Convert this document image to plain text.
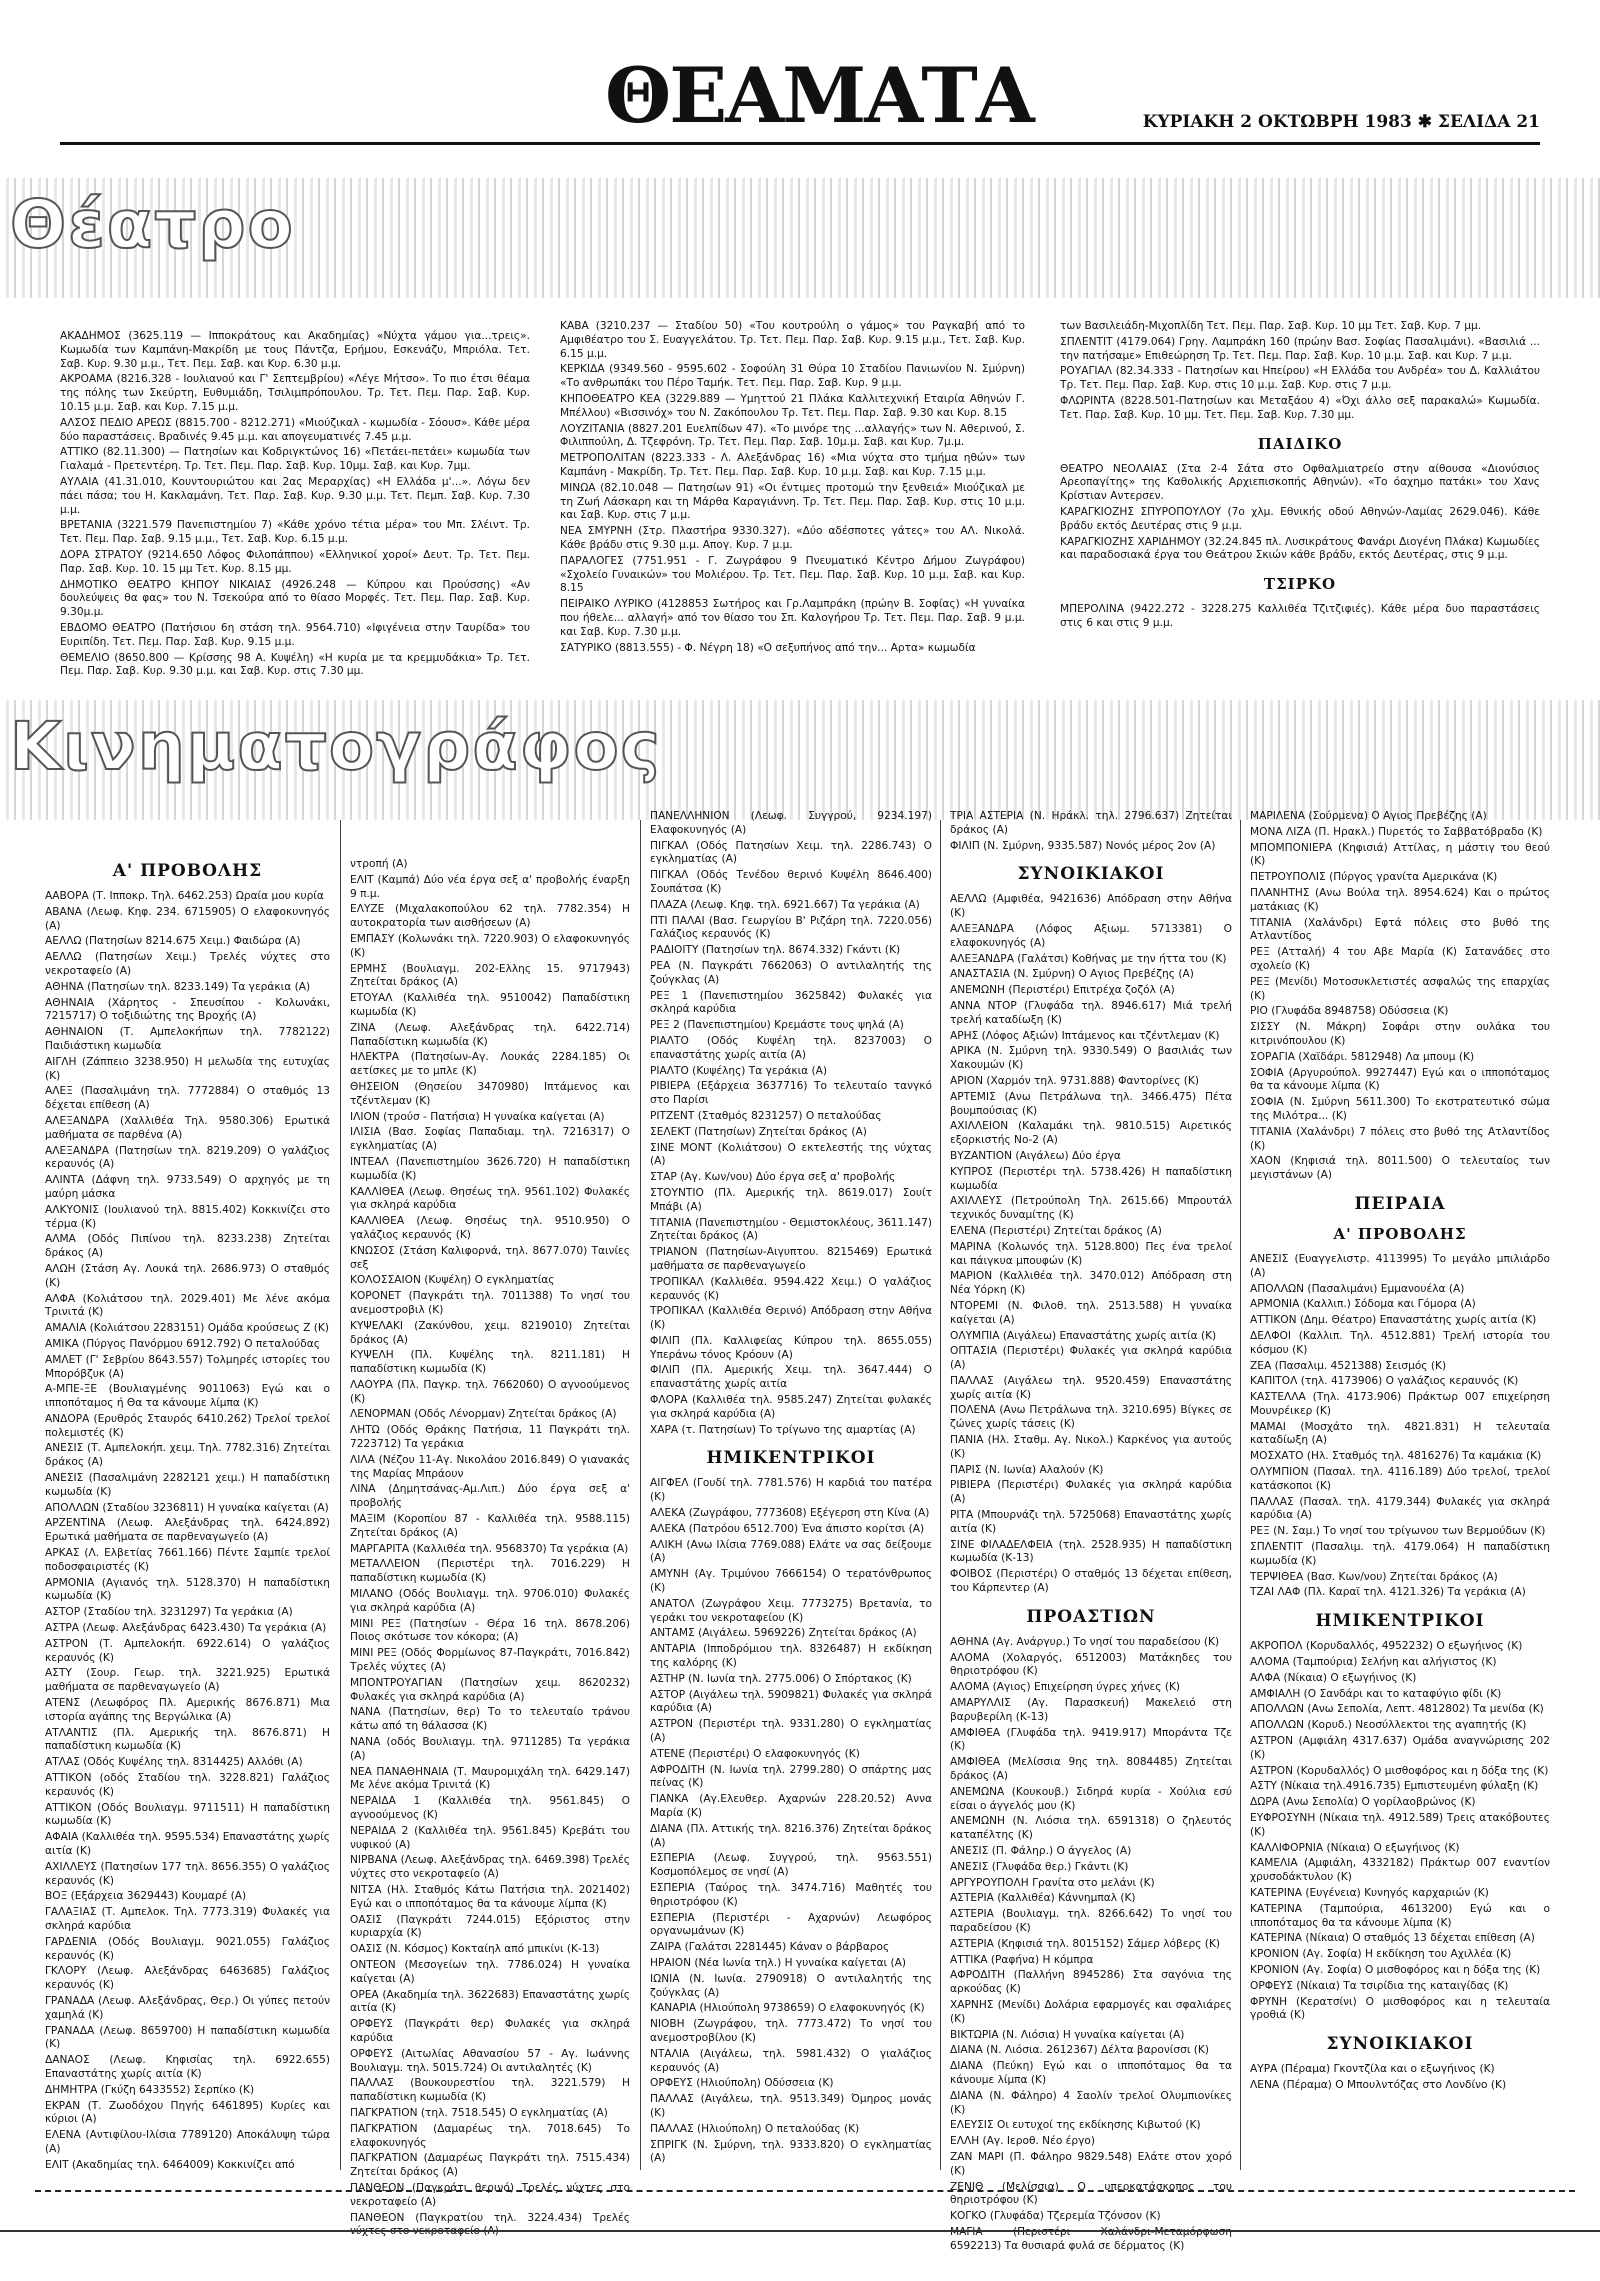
ΘΕΑΜΑΤΑ	ΚΥΡΙΑΚΗ 2 ΟΚΤΩΒΡΗ 1983 ✱ ΣΕΛΙΔΑ 21
Θέατρο
ΑΚΑΔΗΜΟΣ (3625.119 — Ιπποκράτους και Ακαδημίας) «Νύχτα γάμου για...τρεις». Κωμωδία των Καμπάνη-Μακρίδη με τους Πάντζα, Ερήμου, Εσκενάζυ, Μπριόλα. Τετ. Σαβ. Κυρ. 9.30 μ.μ., Τετ. Πεμ. Σαβ. και Κυρ. 6.30 μ.μ.
ΑΚΡΟΑΜΑ (8216.328 - Ιουλιανού και Γ' Σεπτεμβρίου) «Λέγε Μήτσο». Το πιο έτσι θέαμα της πόλης των Σκεύρτη, Ευθυμιάδη, Τσιλιμπρόπουλου. Τρ. Τετ. Πεμ. Παρ. Σαβ. Κυρ. 10.15 μ.μ. Σαβ. και Κυρ. 7.15 μ.μ.
ΑΛΣΟΣ ΠΕΔΙΟ ΑΡΕΩΣ (8815.700 - 8212.271) «Μιούζικαλ - κωμωδία - Σόουσ». Κάθε μέρα δύο παραστάσεις. Βραδινές 9.45 μ.μ. και απογευματινές 7.45 μ.μ.
ΑΤΤΙΚΟ (82.11.300) — Πατησίων και Κοδριγκτώνος 16) «Πετάει-πετάει» κωμωδία των Γιαλαμά - Πρετεντέρη. Τρ. Τετ. Πεμ. Παρ. Σαβ. Κυρ. 10μμ. Σαβ. και Κυρ. 7μμ.
ΑΥΛΑΙΑ (41.31.010, Κουντουριώτου και 2ας Μεραρχίας) «Η Ελλάδα μ'...». Λόγω δεν πάει πάσα; του Η. Κακλαμάνη. Τετ. Παρ. Σαβ. Κυρ. 9.30 μ.μ. Τετ. Πεμπ. Σαβ. Κυρ. 7.30 μ.μ.
ΒΡΕΤΑΝΙΑ (3221.579 Πανεπιστημίου 7) «Κάθε χρόνο τέτια μέρα» του Μπ. Σλέιντ. Τρ. Τετ. Πεμ. Παρ. Σαβ. 9.15 μ.μ., Τετ. Σαβ. Κυρ. 6.15 μ.μ.
ΔΟΡΑ ΣΤΡΑΤΟΥ (9214.650 Λόφος Φιλοπάππου) «Ελληνικοί χοροί» Δευτ. Τρ. Τετ. Πεμ. Παρ. Σαβ. Κυρ. 10. 15 μμ Τετ. Κυρ. 8.15 μμ.
ΔΗΜΟΤΙΚΟ ΘΕΑΤΡΟ ΚΗΠΟΥ ΝΙΚΑΙΑΣ (4926.248 — Κύπρου και Προύσσης) «Αν δουλεύψεις θα φας» του Ν. Τσεκούρα από το θίασο Μορφές. Τετ. Πεμ. Παρ. Σαβ. Κυρ. 9.30μ.μ.
ΕΒΔΟΜΟ ΘΕΑΤΡΟ (Πατήσιου 6η στάση τηλ. 9564.710) «Ιφιγένεια στην Ταυρίδα» του Ευριπίδη. Τετ. Πεμ. Παρ. Σαβ. Κυρ. 9.15 μ.μ.
ΘΕΜΕΛΙΟ (8650.800 — Κρίσσης 98 Α. Κυψέλη) «Η κυρία με τα κρεμμυδάκια» Τρ. Τετ. Πεμ. Παρ. Σαβ. Κυρ. 9.30 μ.μ. και Σαβ. Κυρ. στις 7.30 μμ.
ΚΑΒΑ (3210.237 — Σταδίου 50) «Του κουτρούλη ο γάμος» του Ραγκαβή από το Αμφιθέατρο του Σ. Ευαγγελάτου. Τρ. Τετ. Πεμ. Παρ. Σαβ. Κυρ. 9.15 μ.μ., Τετ. Σαβ. Κυρ. 6.15 μ.μ.
ΚΕΡΚΙΔΑ (9349.560 - 9595.602 - Σοφούλη 31 Θύρα 10 Σταδίου Πανιωνίου Ν. Σμύρνη) «Το ανθρωπάκι του Πέρο Ταμήκ. Τετ. Πεμ. Παρ. Σαβ. Κυρ. 9 μ.μ.
ΚΗΠΟΘΕΑΤΡΟ ΚΕΑ (3229.889 — Υμηττού 21 Πλάκα Καλλιτεχνική Εταιρία Αθηνών Γ. Μπέλλου) «Βισσινόχ» του Ν. Ζακόπουλου Τρ. Τετ. Πεμ. Παρ. Σαβ. 9.30 και Κυρ. 8.15
ΛΟΥΖΙΤΑΝΙΑ (8827.201 Ευελπίδων 47). «Το μινόρε της ...αλλαγής» των Ν. Αθερινού, Σ. Φιλιππούλη, Δ. Τζεφρόνη. Τρ. Τετ. Πεμ. Παρ. Σαβ. 10μ.μ. Σαβ. και Κυρ. 7μ.μ.
ΜΕΤΡΟΠΟΛΙΤΑΝ (8223.333 - Λ. Αλεξάνδρας 16) «Μια νύχτα στο τμήμα ηθών» των Καμπάνη - Μακρίδη. Τρ. Τετ. Πεμ. Παρ. Σαβ. Κυρ. 10 μ.μ. Σαβ. και Κυρ. 7.15 μ.μ.
ΜΙΝΩΑ (82.10.048 — Πατησίων 91) «Οι έντιμες προτομώ την ξενθειά» Μιούζικαλ με τη Ζωή Λάσκαρη και τη Μάρθα Καραγιάννη. Τρ. Τετ. Πεμ. Παρ. Σαβ. Κυρ. στις 10 μ.μ. και Σαβ. Κυρ. στις 7 μ.μ.
ΝΕΑ ΣΜΥΡΝΗ (Στρ. Πλαστήρα 9330.327). «Δύο αδέσποτες γάτες» του ΑΛ. Νικολά. Κάθε βράδυ στις 9.30 μ.μ. Απογ. Κυρ. 7 μ.μ.
ΠΑΡΑΛΟΓΕΣ (7751.951 - Γ. Ζωγράφου 9 Πνευματικό Κέντρο Δήμου Ζωγράφου) «Σχολείο Γυναικών» του Μολιέρου. Τρ. Τετ. Πεμ. Παρ. Σαβ. Κυρ. 10 μ.μ. Σαβ. και Κυρ. 8.15
ΠΕΙΡΑΙΚΟ ΛΥΡΙΚΟ (4128853 Σωτήρος και Γρ.Λαμπράκη (πρώην Β. Σοφίας) «Η γυναίκα που ήθελε... αλλαγή» από τον θίασο του Σπ. Καλογήρου Τρ. Τετ. Πεμ. Παρ. Σαβ. 9 μ.μ. και Σαβ. Κυρ. 7.30 μ.μ.
ΣΑΤΥΡΙΚΟ (8813.555) - Φ. Νέγρη 18) «Ο σεξυπήνος από την... Αρτα» κωμωδία
των Βασιλειάδη-Μιχοπλίδη Τετ. Πεμ. Παρ. Σαβ. Κυρ. 10 μμ Τετ. Σαβ. Κυρ. 7 μμ.
ΣΠΛΕΝΤΙΤ (4179.064) Γρηγ. Λαμπράκη 160 (πρώην Βασ. Σοφίας Πασαλιμάνι). «Βασιλιά ... την πατήσαμε» Επιθεώρηση Τρ. Τετ. Πεμ. Παρ. Σαβ. Κυρ. 10 μ.μ. Σαβ. και Κυρ. 7 μ.μ.
ΡΟΥΑΓΙΑΛ (82.34.333 - Πατησίων και Ηπείρου) «Η Ελλάδα του Ανδρέα» του Δ. Καλλιάτου Τρ. Τετ. Πεμ. Παρ. Σαβ. Κυρ. στις 10 μ.μ. Σαβ. Κυρ. στις 7 μ.μ.
ΦΛΩΡΙΝΤΑ (8228.501-Πατησίων και Μεταξάου 4) «Όχι άλλο σεξ παρακαλώ» Κωμωδία. Τετ. Παρ. Σαβ. Κυρ. 10 μμ. Τετ. Πεμ. Σαβ. Κυρ. 7.30 μμ.
ΠΑΙΔΙΚΟ
ΘΕΑΤΡΟ ΝΕΟΛΑΙΑΣ (Στα 2-4 Σάτα στο Οφθαλμιατρείο στην αίθουσα «Διονύσιος Αρεοπαγίτης» της Καθολικής Αρχιεπισκοπής Αθηνών). «Το όαχημο πατάκι» του Χανς Κρίστιαν Αντερσεν.
ΚΑΡΑΓΚΙΟΖΗΣ ΣΠΥΡΟΠΟΥΛΟΥ (7ο χλμ. Εθνικής οδού Αθηνών-Λαμίας 2629.046). Κάθε βράδυ εκτός Δευτέρας στις 9 μ.μ.
ΚΑΡΑΓΚΙΟΖΗΣ ΧΑΡΙΔΗΜΟΥ (32.24.845 πλ. Λυσικράτους Φανάρι Διογένη Πλάκα) Κωμωδίες και παραδοσιακά έργα του Θεάτρου Σκιών κάθε βράδυ, εκτός Δευτέρας, στις 9 μ.μ.
ΤΣΙΡΚΟ
ΜΠΕΡΟΛΙΝΑ (9422.272 - 3228.275 Καλλιθέα Τζιτζιφιές). Κάθε μέρα δυο παραστάσεις στις 6 και στις 9 μ.μ.
Κινηματογράφος
Α' ΠΡΟΒΟΛΗΣ
ΑΑΒΟΡΑ (Τ. Ιπποκρ. Τηλ. 6462.253) Ωραία μου κυρία
ΑΒΑΝΑ (Λεωφ. Κηφ. 234. 6715905) Ο ελαφοκυνηγός (Α)
ΑΕΛΛΩ (Πατησίων 8214.675 Χειμ.) Φαιδώρα (Α)
ΑΕΛΛΩ (Πατησίων Χειμ.) Τρελές νύχτες στο νεκροταφείο (Α)
ΑΘΗΝΑ (Πατησίων τηλ. 8233.149) Τα γεράκια (Α)
ΑΘΗΝΑΙΑ (Χάρητος - Σπευσίπου - Κολωνάκι, 7215717) Ο τοξιδιώτης της Βροχής (Α)
ΑΘΗΝΑΙΟΝ (Τ. Αμπελοκήπων τηλ. 7782122) Παιδιάστικη κωμωδία
ΑΙΓΛΗ (Ζάππειο 3238.950) Η μελωδία της ευτυχίας (Κ)
ΑΛΕΞ (Πασαλιμάνη τηλ. 7772884) Ο σταθμός 13 δέχεται επίθεση (Α)
ΑΛΕΞΑΝΔΡΑ (Χαλλιθέα Τηλ. 9580.306) Ερωτικά μαθήματα σε παρθένα (Α)
ΑΛΕΞΑΝΔΡΑ (Πατησίων τηλ. 8219.209) Ο γαλάζιος κεραυνός (Α)
ΑΛΙΝΤΑ (Δάφνη τηλ. 9733.549) Ο αρχηγός με τη μαύρη μάσκα
ΑΛΚΥΟΝΙΣ (Ιουλιανού τηλ. 8815.402) Κοκκινίζει στο τέρμα (Κ)
ΑΛΜΑ (Οδός Πιπίνου τηλ. 8233.238) Ζητείται δράκος (Α)
ΑΛΩΗ (Στάση Αγ. Λουκά τηλ. 2686.973) Ο σταθμός (Κ)
ΑΛΦΑ (Κολιάτσου τηλ. 2029.401) Με λένε ακόμα Τρινιτά (Κ)
ΑΜΑΛΙΑ (Κολιάτσου 2283151) Ομάδα κρούσεως Ζ (Κ)
ΑΜΙΚΑ (Πύργος Πανόρμου 6912.792) Ο πεταλούδας
ΑΜΛΕΤ (Γ' Σεβρίου 8643.557) Τολμηρές ιστορίες του Μπορόβζυκ (Α)
Α-ΜΠΕ-ΞΕ (Βουλιαγμένης 9011063) Εγώ και ο ιπποπόταμος ή Θα τα κάνουμε λίμπα (Κ)
ΑΝΔΟΡΑ (Ερυθρός Σταυρός 6410.262) Τρελοί τρελοί πολεμιστές (Κ)
ΑΝΕΣΙΣ (Τ. Αμπελοκήπ. χειμ. Τηλ. 7782.316) Ζητείται δράκος (Α)
ΑΝΕΣΙΣ (Πασαλιμάνη 2282121 χειμ.) Η παπαδίστικη κωμωδία (Κ)
ΑΠΟΛΛΩΝ (Σταδίου 3236811) Η γυναίκα καίγεται (Α)
ΑΡΖΕΝΤΙΝΑ (Λεωφ. Αλεξάνδρας τηλ. 6424.892) Ερωτικά μαθήματα σε παρθεναγωγείο (Α)
ΑΡΚΑΣ (Λ. Ελβετίας 7661.166) Πέντε Σαμπίε τρελοί ποδοσφαιριστές (Κ)
ΑΡΜΟΝΙΑ (Αγιανός τηλ. 5128.370) Η παπαδίστικη κωμωδία (Κ)
ΑΣΤΟΡ (Σταδίου τηλ. 3231297) Τα γεράκια (Α)
ΑΣΤΡΑ (Λεωφ. Αλεξάνδρας 6423.430) Τα γεράκια (Α)
ΑΣΤΡΟΝ (Τ. Αμπελοκήπ. 6922.614) Ο γαλάζιος κεραυνός (Κ)
ΑΣΤΥ (Σουρ. Γεωρ. τηλ. 3221.925) Ερωτικά μαθήματα σε παρθεναγωγείο (Α)
ΑΤΕΝΣ (Λεωφόρος Πλ. Αμερικής 8676.871) Μια ιστορία αγάπης της Βεργώλικα (Α)
ΑΤΛΑΝΤΙΣ (Πλ. Αμερικής τηλ. 8676.871) Η παπαδίστικη κωμωδία (Κ)
ΑΤΛΑΣ (Οδός Κυψέλης τηλ. 8314425) Αλλόθι (Α)
ΑΤΤΙΚΟΝ (οδός Σταδίου τηλ. 3228.821) Γαλάζιος κεραυνός (Κ)
ΑΤΤΙΚΟΝ (Οδός Βουλιαγμ. 9711511) Η παπαδίστικη κωμωδία (Κ)
ΑΦΑΙΑ (Καλλιθέα τηλ. 9595.534) Επαναστάτης χωρίς αιτία (Κ)
ΑΧΙΛΛΕΥΣ (Πατησίων 177 τηλ. 8656.355) Ο γαλάζιος κεραυνός (Κ)
ΒΟΞ (Εξάρχεια 3629443) Κουμαρέ (Α)
ΓΑΛΑΞΙΑΣ (Τ. Αμπελοκ. Τηλ. 7773.319) Φυλακές για σκληρά καρύδια
ΓΑΡΔΕΝΙΑ (Οδός Βουλιαγμ. 9021.055) Γαλάζιος κεραυνός (Κ)
ΓΚΛΟΡΥ (Λεωφ. Αλεξάνδρας 6463685) Γαλάζιος κεραυνός (Κ)
ΓΡΑΝΑΔΑ (Λεωφ. Αλεξάνδρας, Θερ.) Οι γύπες πετούν χαμηλά (Κ)
ΓΡΑΝΑΔΑ (Λεωφ. 8659700) Η παπαδίστικη κωμωδία (Κ)
ΔΑΝΑΟΣ (Λεωφ. Κηφισίας τηλ. 6922.655) Επαναστάτης χωρίς αιτία (Κ)
ΔΗΜΗΤΡΑ (Γκύζη 6433552) Σερπίκο (Κ)
ΕΚΡΑΝ (Τ. Ζωοδόχου Πηγής 6461895) Κυρίες και κύριοι (Α)
ΕΛΕΝΑ (Αντιφίλου-Ιλίσια 7789120) Αποκάλυψη τώρα (Α)
ΕΛΙΤ (Ακαδημίας τηλ. 6464009) Κοκκινίζει από
ντροπή (Α)
ΕΛΙΤ (Καμπά) Δύο νέα έργα σεξ α' προβολής έναρξη 9 π.μ.
ΕΛΥΖΕ (Μιχαλακοπούλου 62 τηλ. 7782.354) Η αυτοκρατορία των αισθήσεων (Α)
ΕΜΠΑΣΥ (Κολωνάκι τηλ. 7220.903) Ο ελαφοκυνηγός (Κ)
ΕΡΜΗΣ (Βουλιαγμ. 202-Ελλης 15. 9717943) Ζητείται δράκος (Α)
ΕΤΟΥΑΛ (Καλλιθέα τηλ. 9510042) Παπαδίστικη κωμωδία (Κ)
ΖΙΝΑ (Λεωφ. Αλεξάνδρας τηλ. 6422.714) Παπαδίστικη κωμωδία (Κ)
ΗΛΕΚΤΡΑ (Πατησίων-Αγ. Λουκάς 2284.185) Οι αετίσκες με το μπλε (Κ)
ΘΗΣΕΙΟΝ (Θησείου 3470980) Ιπτάμενος και τζέντλεμαν (Κ)
ΙΛΙΟΝ (τρούσ - Πατήσια) Η γυναίκα καίγεται (Α)
ΙΛΙΣΙΑ (Βασ. Σοφίας Παπαδιαμ. τηλ. 7216317) Ο εγκληματίας (Α)
ΙΝΤΕΑΛ (Πανεπιστημίου 3626.720) Η παπαδίστικη κωμωδία (Κ)
ΚΑΛΛΙΘΕΑ (Λεωφ. Θησέως τηλ. 9561.102) Φυλακές για σκληρά καρύδια
ΚΑΛΛΙΘΕΑ (Λεωφ. Θησέως τηλ. 9510.950) Ο γαλάζιος κεραυνός (Κ)
ΚΝΩΣΟΣ (Στάση Καλιφορνά, τηλ. 8677.070) Ταινίες σεξ
ΚΟΛΟΣΣΑΙΟΝ (Κυψέλη) Ο εγκληματίας
ΚΟΡΟΝΕΤ (Παγκράτι τηλ. 7011388) Το νησί του ανεμοστροβιλ (Κ)
ΚΥΨΕΛΑΚΙ (Ζακύνθου, χειμ. 8219010) Ζητείται δράκος (Α)
ΚΥΨΕΛΗ (Πλ. Κυψέλης τηλ. 8211.181) Η παπαδίστικη κωμωδία (Κ)
ΛΑΟΥΡΑ (Πλ. Παγκρ. τηλ. 7662060) Ο αγνοούμενος (Κ)
ΛΕΝΟΡΜΑΝ (Οδός Λένορμαν) Ζητείται δράκος (Α)
ΛΗΤΩ (Οδός Θράκης Πατήσια, 11 Παγκράτι τηλ. 7223712) Τα γεράκια
ΛΙΛΑ (Νέζου 11-Αγ. Νικολάου 2016.849) Ο γιανακάς της Μαρίας Μπράουν
ΛΙΝΑ (Δημητσάνας-Αμ.Λιπ.) Δύο έργα σεξ α' προβολής
ΜΑΞΙΜ (Κοροπίου 87 - Καλλιθέα τηλ. 9588.115) Ζητείται δράκος (Α)
ΜΑΡΓΑΡΙΤΑ (Καλλιθέα τηλ. 9568370) Τα γεράκια (Α)
ΜΕΤΑΛΛΕΙΟΝ (Περιστέρι τηλ. 7016.229) Η παπαδίστικη κωμωδία (Κ)
ΜΙΛΑΝΟ (Οδός Βουλιαγμ. τηλ. 9706.010) Φυλακές για σκληρά καρύδια (Α)
ΜΙΝΙ ΡΕΞ (Πατησίων - Θέρα 16 τηλ. 8678.206) Ποιος σκότωσε τον κόκορα; (Α)
ΜΙΝΙ ΡΕΞ (Οδός Φορμίωνος 87-Παγκράτι, 7016.842) Τρελές νύχτες (Α)
ΜΠΟΝΤΡΟΥΑΓΙΑΝ (Πατησίων χειμ. 8620232) Φυλακές για σκληρά καρύδια (Α)
ΝΑΝΑ (Πατησίων, θερ) Το το τελευταίο τράνου κάτω από τη θάλασσα (Κ)
ΝΑΝΑ (οδός Βουλιαγμ. τηλ. 9711285) Τα γεράκια (Α)
ΝΕΑ ΠΑΝΑΘΗΝΑΙΑ (Τ. Μαυρομιχάλη τηλ. 6429.147) Με λένε ακόμα Τρινιτά (Κ)
ΝΕΡΑΙΔΑ 1 (Καλλιθέα τηλ. 9561.845) Ο αγνοούμενος (Κ)
ΝΕΡΑΙΔΑ 2 (Καλλιθέα τηλ. 9561.845) Κρεβάτι του νυφικού (Α)
ΝΙΡΒΑΝΑ (Λεωφ. Αλεξάνδρας τηλ. 6469.398) Τρελές νύχτες στο νεκροταφείο (Α)
ΝΙΤΣΑ (Ηλ. Σταθμός Κάτω Πατήσια τηλ. 2021402) Εγώ και ο ιπποπόταμος θα τα κάνουμε λίμπα (Κ)
ΟΑΣΙΣ (Παγκράτι 7244.015) Εξόριστος στην κυριαρχία (Κ)
ΟΑΣΙΣ (Ν. Κόσμος) Κοκταίηλ από μπικίνι (Κ-13)
ΟΝΤΕΟΝ (Μεσογείων τηλ. 7786.024) Η γυναίκα καίγεται (Α)
ΟΡΕΑ (Ακαδημία τηλ. 3622683) Επαναστάτης χωρίς αιτία (Κ)
ΟΡΦΕΥΣ (Παγκράτι θερ) Φυλακές για σκληρά καρύδια
ΟΡΦΕΥΣ (Αιτωλίας Αθανασίου 57 - Αγ. Ιωάννης Βουλιαγμ. τηλ. 5015.724) Οι αντιλαλητές (Κ)
ΠΑΛΛΑΣ (Βουκουρεστίου τηλ. 3221.579) Η παπαδίστικη κωμωδία (Κ)
ΠΑΓΚΡΑΤΙΟΝ (τηλ. 7518.545) Ο εγκληματίας (Α)
ΠΑΓΚΡΑΤΙΟΝ (Δαμαρέως τηλ. 7018.645) Το ελαφοκυνηγός
ΠΑΓΚΡΑΤΙΟΝ (Δαμαρέως Παγκράτι τηλ. 7515.434) Ζητείται δράκος (Α)
ΠΑΝΘΕΟΝ (Παγκράτι θερινό) Τρελές νύχτες στο νεκροταφείο (Α)
ΠΑΝΘΕΟΝ (Παγκρατίου τηλ. 3224.434) Τρελές
ΠΑΝΕΛΛΗΝΙΟΝ (Λεωφ. Συγγρού, 9234.197) Ελαφοκυνηγός (Α)
ΠΙΓΚΑΛ (Οδός Πατησίων Χειμ. τηλ. 2286.743) Ο εγκληματίας (Α)
ΠΙΓΚΑΛ (Οδός Τενέδου θερινό Κυψέλη 8646.400) Σουπάτσα (Κ)
ΠΛΑΖΑ (Λεωφ. Κηφ. τηλ. 6921.667) Τα γεράκια (Α)
ΠΤΙ ΠΑΛΑΙ (Βασ. Γεωργίου Β' Ριζάρη τηλ. 7220.056) Γαλάζιος κεραυνός (Κ)
ΡΑΔΙΟΙΤΥ (Πατησίων τηλ. 8674.332) Γκάντι (Κ)
ΡΕΑ (Ν. Παγκράτι 7662063) Ο αντιλαλητής της ζούγκλας (Α)
ΡΕΞ 1 (Πανεπιστημίου 3625842) Φυλακές για σκληρά καρύδια
ΡΕΞ 2 (Πανεπιστημίου) Κρεμάστε τους ψηλά (Α)
ΡΙΑΛΤΟ (Οδός Κυψέλη τηλ. 8237003) Ο επαναστάτης χωρίς αιτία (Α)
ΡΙΑΛΤΟ (Κυψέλης) Τα γεράκια (Α)
ΡΙΒΙΕΡΑ (Εξάρχεια 3637716) Το τελευταίο τανγκό στο Παρίσι
ΡΙΤΖΕΝΤ (Σταθμός 8231257) Ο πεταλούδας
ΣΕΛΕΚΤ (Πατησίων) Ζητείται δράκος (Α)
ΣΙΝΕ ΜΟΝΤ (Κολιάτσου) Ο εκτελεστής της νύχτας (Α)
ΣΤΑΡ (Αγ. Κων/νου) Δύο έργα σεξ α' προβολής
ΣΤΟΥΝΤΙΟ (Πλ. Αμερικής τηλ. 8619.017) Σουίτ Μπάβι (Α)
ΤΙΤΑΝΙΑ (Πανεπιστημίου - Θεμιστοκλέους, 3611.147) Ζητείται δράκος (Α)
ΤΡΙΑΝΟΝ (Πατησίων-Αιγυπτου. 8215469) Ερωτικά μαθήματα σε παρθεναγωγείο
ΤΡΟΠΙΚΑΛ (Καλλιθέα. 9594.422 Χειμ.) Ο γαλάζιος κεραυνός (Κ)
ΤΡΟΠΙΚΑΛ (Καλλιθέα Θερινό) Απόδραση στην Αθήνα (Κ)
ΦΙΛΙΠ (Πλ. Καλλιφείας Κύπρου τηλ. 8655.055) Υπεράνω τόνος Κρόουν (Α)
ΦΙΛΙΠ (Πλ. Αμερικής Χειμ. τηλ. 3647.444) Ο επαναστάτης χωρίς αιτία
ΦΛΟΡΑ (Καλλιθέα τηλ. 9585.247) Ζητείται φυλακές για σκληρά καρύδια (Α)
ΧΑΡΑ (τ. Πατησίων) Το τρίγωνο της αμαρτίας (Α)
ΗΜΙΚΕΝΤΡΙΚΟΙ
ΑΙΓΦΕΛ (Γουδί τηλ. 7781.576) Η καρδιά του πατέρα (Κ)
ΑΛΕΚΑ (Ζωγράφου, 7773608) Εξέγερση στη Κίνα (Α)
ΑΛΕΚΑ (Πατρόου 6512.700) Ένα άπιστο κορίτσι (Α)
ΑΛΙΚΗ (Ανω Ιλίσια 7769.088) Ελάτε να σας δείξουμε (Α)
ΑΜΥΝΗ (Αγ. Τριμύνου 7666154) Ο τερατόνθρωπος (Κ)
ΑΝΑΤΟΛ (Ζωγράφου Χειμ. 7773275) Βρετανία, το γεράκι του νεκροταφείου (Κ)
ΑΝΤΑΜΣ (Αιγάλεω. 5969226) Ζητείται δράκος (Α)
ΑΝΤΑΡΙΑ (Ιπποδρόμιου τηλ. 8326487) Η εκδίκηση της καλόρης (Κ)
ΑΣΤΗΡ (Ν. Ιωνία τηλ. 2775.006) Ο Σπόρτακος (Κ)
ΑΣΤΟΡ (Αιγάλεω τηλ. 5909821) Φυλακές για σκληρά καρύδια (Α)
ΑΣΤΡΟΝ (Περιστέρι τηλ. 9331.280) Ο εγκληματίας (Α)
ΑΤΕΝΕ (Περιστέρι) Ο ελαφοκυνηγός (Κ)
ΑΦΡΟΔΙΤΗ (Ν. Ιωνία τηλ. 2799.280) Ο σπάρτης μας πείνας (Κ)
ΓΙΑΝΚΑ (Αγ.Ελευθερ. Αχαρνών 228.20.52) Αννα Μαρία (Κ)
ΔΙΑΝΑ (Πλ. Αττικής τηλ. 8216.376) Ζητείται δράκος (Α)
ΕΣΠΕΡΙΑ (Λεωφ. Συγγρού, τηλ. 9563.551) Κοσμοπόλεμος σε νησί (Α)
ΕΣΠΕΡΙΑ (Ταύρος τηλ. 3474.716) Μαθητές του θηριοτρόφου (Κ)
ΕΣΠΕΡΙΑ (Περιστέρι - Αχαρνών) Λεωφόρος οργανωμάνων (Κ)
ΖΑΙΡΑ (Γαλάτσι 2281445) Κάναν ο βάρβαρος
ΗΡΑΙΟΝ (Νέα Ιωνία τηλ.) Η γυναίκα καίγεται (Α)
ΙΩΝΙΑ (Ν. Ιωνία. 2790918) Ο αντιλαλητής της ζούγκλας (Α)
ΚΑΝΑΡΙΑ (Ηλιούπολη 9738659) Ο ελαφοκυνηγός (Κ)
ΝΙΟΒΗ (Ζωγράφου, τηλ. 7773.472) Το νησί του ανεμοστροβίλου (Κ)
ΝΤΑΛΙΑ (Αιγάλεω, τηλ. 5981.432) Ο γιαλάζιος κεραυνός (Α)
ΟΡΦΕΥΣ (Ηλιούπολη) Οδύσσεια (Κ)
ΠΑΛΛΑΣ (Αιγάλεω, τηλ. 9513.349) Όμηρος μονάς (Κ)
ΠΑΛΛΑΣ (Ηλιούπολη) Ο πεταλούδας (Κ)
ΣΠΡΙΓΚ (Ν. Σμύρνη, τηλ. 9333.820) Ο εγκληματίας (Α)
ΤΡΙΑ ΑΣΤΕΡΙΑ (Ν. Ηράκλ. τηλ. 2796.637) Ζητείται δράκος (Α)
ΦΙΛΙΠ (Ν. Σμύρνη, 9335.587) Νονός μέρος 2ον (Α)
ΣΥΝΟΙΚΙΑΚΟΙ
ΑΕΛΛΩ (Αμφιθέα, 9421636) Απόδραση στην Αθήνα (Κ)
ΑΛΕΞΑΝΔΡΑ (Λόφος Αξιωμ. 5713381) Ο ελαφοκυνηγός (Α)
ΑΛΕΞΑΝΔΡΑ (Γαλάτσι) Κοθήνας με την ήττα του (Κ)
ΑΝΑΣΤΑΣΙΑ (Ν. Σμύρνη) Ο Αγιος Πρεβέζης (Α)
ΑΝΕΜΩΝΗ (Περιστέρι) Επιτρέχα ζοζόλ (Α)
ΑΝΝΑ ΝΤΟΡ (Γλυφάδα τηλ. 8946.617) Μιά τρελή τρελή καταδίωξη (Κ)
ΑΡΗΣ (Λόφος Αξιών) Ιπτάμενος και τζέντλεμαν (Κ)
ΑΡΙΚΑ (Ν. Σμύρνη τηλ. 9330.549) Ο βασιλιάς των Χακουμών (Κ)
ΑΡΙΟΝ (Χαρμόν τηλ. 9731.888) Φαντορίνες (Κ)
ΑΡΤΕΜΙΣ (Ανω Πετράλωνα τηλ. 3466.475) Πέτα βουμπούσιας (Κ)
ΑΧΙΛΛΕΙΟΝ (Καλαμάκι τηλ. 9810.515) Αιρετικός εξορκιστής Νο-2 (Α)
ΒΥΖΑΝΤΙΟΝ (Αιγάλεω) Δύο έργα
ΚΥΠΡΟΣ (Περιστέρι τηλ. 5738.426) Η παπαδίστικη κωμωδία
ΑΧΙΛΛΕΥΣ (Πετρούπολη Τηλ. 2615.66) Μπρουτάλ τεχνικός δυναμίτης (Κ)
ΕΛΕΝΑ (Περιστέρι) Ζητείται δράκος (Α)
ΜΑΡΙΝΑ (Κολωνός τηλ. 5128.800) Πες ένα τρελοί και πάιγκυα μπουφών (Κ)
ΜΑΡΙΟΝ (Καλλιθέα τηλ. 3470.012) Απόδραση στη Νέα Υόρκη (Κ)
ΝΤΟΡΕΜΙ (Ν. Φιλοθ. τηλ. 2513.588) Η γυναίκα καίγεται (Α)
ΟΛΥΜΠΙΑ (Αιγάλεω) Επαναστάτης χωρίς αιτία (Κ)
ΟΠΤΑΣΙΑ (Περιστέρι) Φυλακές για σκληρά καρύδια (Α)
ΠΑΛΛΑΣ (Αιγάλεω τηλ. 9520.459) Επαναστάτης χωρίς αιτία (Κ)
ΠΟΛΕΝΑ (Ανω Πετράλωνα τηλ. 3210.695) Βίγκες σε ζώνες χωρίς τάσεις (Κ)
ΠΑΝΙΑ (Ηλ. Σταθμ. Αγ. Νικολ.) Καρκένος για αυτούς (Κ)
ΠΑΡΙΣ (Ν. Ιωνία) Αλαλούν (Κ)
ΡΙΒΙΕΡΑ (Περιστέρι) Φυλακές για σκληρά καρύδια (Α)
ΡΙΤΑ (Μπουρνάζι τηλ. 5725068) Επαναστάτης χωρίς αιτία (Κ)
ΣΙΝΕ ΦΙΛΑΔΕΛΦΕΙΑ (τηλ. 2528.935) Η παπαδίστικη κωμωδία (Κ-13)
ΦΟΙΒΟΣ (Περιστέρι) Ο σταθμός 13 δέχεται επίθεση, του Κάρπεντερ (Α)
ΠΡΟΑΣΤΙΩΝ
ΑΘΗΝΑ (Αγ. Ανάργυρ.) Το νησί του παραδείσου (Κ)
ΑΛΟΜΑ (Χολαργός, 6512003) Ματάκηδες του θηριοτρόφου (Κ)
ΑΛΟΜΑ (Αγιος) Επιχείρηση ύγρες χήνες (Κ)
ΑΜΑΡΥΛΛΙΣ (Αγ. Παρασκευή) Μακελειό στη βαρυβερίλη (Κ-13)
ΑΜΦΙΘΕΑ (Γλυφάδα τηλ. 9419.917) Μποράντα Τζε (Κ)
ΑΜΦΙΘΕΑ (Μελίσσια 9ης τηλ. 8084485) Ζητείται δράκος (Α)
ΑΝΕΜΩΝΑ (Κουκουβ.) Σιδηρά κυρία - Χούλια εσύ είσαι ο άγγελός μου (Κ)
ΑΝΕΜΩΝΗ (Ν. Λιόσια τηλ. 6591318) Ο ζηλευτός καταπέλτης (Κ)
ΑΝΕΣΙΣ (Π. Φάληρ.) Ο άγγελος (Α)
ΑΝΕΣΙΣ (Γλυφάδα θερ.) Γκάντι (Κ)
ΑΡΓΥΡΟΥΠΟΛΗ Γρανίτα στο μελάνι (Κ)
ΑΣΤΕΡΙΑ (Καλλιθέα) Κάννημπαλ (Κ)
ΑΣΤΕΡΙΑ (Βουλιαγμ. τηλ. 8266.642) Το νησί του παραδείσου (Κ)
ΑΣΤΕΡΙΑ (Κηφισιά τηλ. 8015152) Σάμερ λόβερς (Κ)
ΑΤΤΙΚΑ (Ραφήνα) Η κόμπρα
ΑΦΡΟΔΙΤΗ (Παλλήνη 8945286) Στα σαγόνια της αρκούδας (Κ)
ΧΑΡΝΗΣ (Μενίδι) Δολάρια εφαρμογές και σφαλιάρες (Κ)
ΒΙΚΤΩΡΙΑ (Ν. Λιόσια) Η γυναίκα καίγεται (Α)
ΔΙΑΝΑ (Ν. Λιόσια. 2612367) Δέλτα βαρονίσσι (Κ)
ΔΙΑΝΑ (Πεύκη) Εγώ και ο ιπποπόταμος θα τα κάνουμε λίμπα (Κ)
ΔΙΑΝΑ (Ν. Φάληρο) 4 Σαολίν τρελοί Ολυμπιονίκες (Κ)
ΕΛΕΥΣΙΣ Οι ευτυχοί της εκδίκησης Κιβωτού (Κ)
ΕΛΛΗ (Αγ. Ιεροθ. Νέο έργο)
ΖΑΝ ΜΑΡΙ (Π. Φάληρο 9829.548) Ελάτε στον χορό (Κ)
ΖΕΝΙΘ (Μελίσσια) Ο υπερκατάσκοπος του θηριοτρόφου (Κ)
ΚΟΓΚΟ (Γλυφάδα) Τζερεμία Τζόνσον (Κ)
6592213) Τα θυσιαρά φυλά σε δέρματος (Κ)
ΜΑΡΙΛΕΝΑ (Σούρμενα) Ο Αγιος Πρεβέζης (Α)
ΜΟΝΑ ΛΙΖΑ (Π. Ηρακλ.) Πυρετός το Σαββατόβραδο (Κ)
ΜΠΟΜΠΟΝΙΕΡΑ (Κηφισιά) Αττίλας, η μάστιγ του θεού (Κ)
ΠΕΤΡΟΥΠΟΛΙΣ (Πύργος γρανίτα Αμερικάνα (Κ)
ΠΛΑΝΗΤΗΣ (Ανω Βούλα τηλ. 8954.624) Και ο πρώτος ματάκιας (Κ)
ΤΙΤΑΝΙΑ (Χαλάνδρι) Εφτά πόλεις στο βυθό της Ατλαντίδος
ΡΕΞ (Ατταλή) 4 του Αβε Μαρία (Κ) Σατανάδες στο σχολείο (Κ)
ΡΕΞ (Μενίδι) Μοτοσυκλετιστές ασφαλώς της επαρχίας (Κ)
ΡΙΟ (Γλυφάδα 8948758) Οδύσσεια (Κ)
ΣΙΣΣΥ (Ν. Μάκρη) Σοφάρι στην ουλάκα του κιτρινόπουλου (Κ)
ΣΟΡΑΓΙΑ (Χαϊδάρι. 5812948) Λα μπουμ (Κ)
ΣΟΦΙΑ (Αργυρούπολ. 9927447) Εγώ και ο ιπποπόταμος θα τα κάνουμε λίμπα (Κ)
ΣΟΦΙΑ (Ν. Σμύρνη 5611.300) Το εκστρατευτικό σώμα της Μιλότρα... (Κ)
ΤΙΤΑΝΙΑ (Χαλάνδρι) 7 πόλεις στο βυθό της Ατλαντίδος (Κ)
ΧΑΟΝ (Κηφισιά τηλ. 8011.500) Ο τελευταίος των μεγιστάνων (Α)
ΠΕΙΡΑΙΑ
Α' ΠΡΟΒΟΛΗΣ
ΑΝΕΣΙΣ (Ευαγγελιστρ. 4113995) Το μεγάλο μπιλιάρδο (Α)
ΑΠΟΛΛΩΝ (Πασαλιμάνι) Εμμανουέλα (Α)
ΑΡΜΟΝΙΑ (Καλλιπ.) Σόδομα και Γόμορα (Α)
ΑΤΤΙΚΟΝ (Δημ. Θέατρο) Επαναστάτης χωρίς αιτία (Κ)
ΔΕΛΦΟΙ (Καλλιπ. Τηλ. 4512.881) Τρελή ιστορία του κόσμου (Κ)
ΖΕΑ (Πασαλιμ. 4521388) Σεισμός (Κ)
ΚΑΠΙΤΟΛ (τηλ. 4173906) Ο γαλάζιος κεραυνός (Κ)
ΚΑΣΤΕΛΛΑ (Τηλ. 4173.906) Πράκτωρ 007 επιχείρηση Μουνρέικερ (Κ)
ΜΑΜΑΙ (Μοσχάτο τηλ. 4821.831) Η τελευταία καταδίωξη (Α)
ΜΟΣΧΑΤΟ (Ηλ. Σταθμός τηλ. 4816276) Τα καμάκια (Κ)
ΟΛΥΜΠΙΟΝ (Πασαλ. τηλ. 4116.189) Δύο τρελοί, τρελοί κατάσκοποι (Κ)
ΠΑΛΛΑΣ (Πασαλ. τηλ. 4179.344) Φυλακές για σκληρά καρύδια (Α)
ΡΕΞ (Ν. Σαμ.) Το νησί του τρίγωνου των Βερμούδων (Κ)
ΣΠΛΕΝΤΙΤ (Πασαλιμ. τηλ. 4179.064) Η παπαδίστικη κωμωδία (Κ)
ΤΕΡΨΙΘΕΑ (Βασ. Κων/νου) Ζητείται δράκος (Α)
ΤΖΑΙ ΛΑΦ (Πλ. Καραϊ τηλ. 4121.326) Τα γεράκια (Α)
ΗΜΙΚΕΝΤΡΙΚΟΙ
ΑΚΡΟΠΟΛ (Κορυδαλλός, 4952232) Ο εξωγήινος (Κ)
ΑΛΟΜΑ (Ταμπούρια) Σελήνη και αλήγιστος (Κ)
ΑΛΦΑ (Νίκαια) Ο εξωγήινος (Κ)
ΑΜΦΙΑΛΗ (Ο Σανδάρι και το καταφύγιο φίδι (Κ)
ΑΠΟΛΛΩΝ (Ανω Σεπολία, Λεπτ. 4812802) Τα μενίδα (Κ)
ΑΠΟΛΛΩΝ (Κορυδ.) Νεοσύλλεκτοι της αγαπητής (Κ)
ΑΣΤΡΟΝ (Αμφιάλη 4317.637) Ομάδα αναγνώρισης 202 (Κ)
ΑΣΤΡΟΝ (Κορυδαλλός) Ο μισθοφόρος και η δόξα της (Κ)
ΑΣΤΥ (Νίκαια τηλ.4916.735) Εμπιστευμένη φύλαξη (Κ)
ΔΩΡΑ (Ανω Σεπολία) Ο γορίλαοβρώνος (Κ)
ΕΥΦΡΟΣΥΝΗ (Νίκαια τηλ. 4912.589) Τρεις ατακόβουτες (Κ)
ΚΑΛΛΙΦΟΡΝΙΑ (Νίκαια) Ο εξωγήινος (Κ)
ΚΑΜΕΛΙΑ (Αμφιάλη, 4332182) Πράκτωρ 007 εναντίον χρυσοδάκτυλου (Κ)
ΚΑΤΕΡΙΝΑ (Ευγένεια) Κυνηγός καρχαριών (Κ)
ΚΑΤΕΡΙΝΑ (Ταμπούρια, 4613200) Εγώ και ο ιπποπόταμος θα τα κάνουμε λίμπα (Κ)
ΚΑΤΕΡΙΝΑ (Νίκαια) Ο σταθμός 13 δέχεται επίθεση (Α)
ΚΡΟΝΙΟΝ (Αγ. Σοφία) Η εκδίκηση του Αχιλλέα (Κ)
ΚΡΟΝΙΟΝ (Αγ. Σοφία) Ο μισθοφόρος και η δόξα της (Κ)
ΟΡΦΕΥΣ (Νίκαια) Τα τσιρίδια της καταιγίδας (Κ)
ΦΡΥΝΗ (Κερατσίνι) Ο μισθοφόρος και η τελευταία γροθιά (Κ)
ΣΥΝΟΙΚΙΑΚΟΙ
ΑΥΡΑ (Πέραμα) Γκοντζίλα και ο εξωγήινος (Κ)
ΛΕΝΑ (Πέραμα) Ο Μπουλντόζας στο Λονδίνο (Κ)
